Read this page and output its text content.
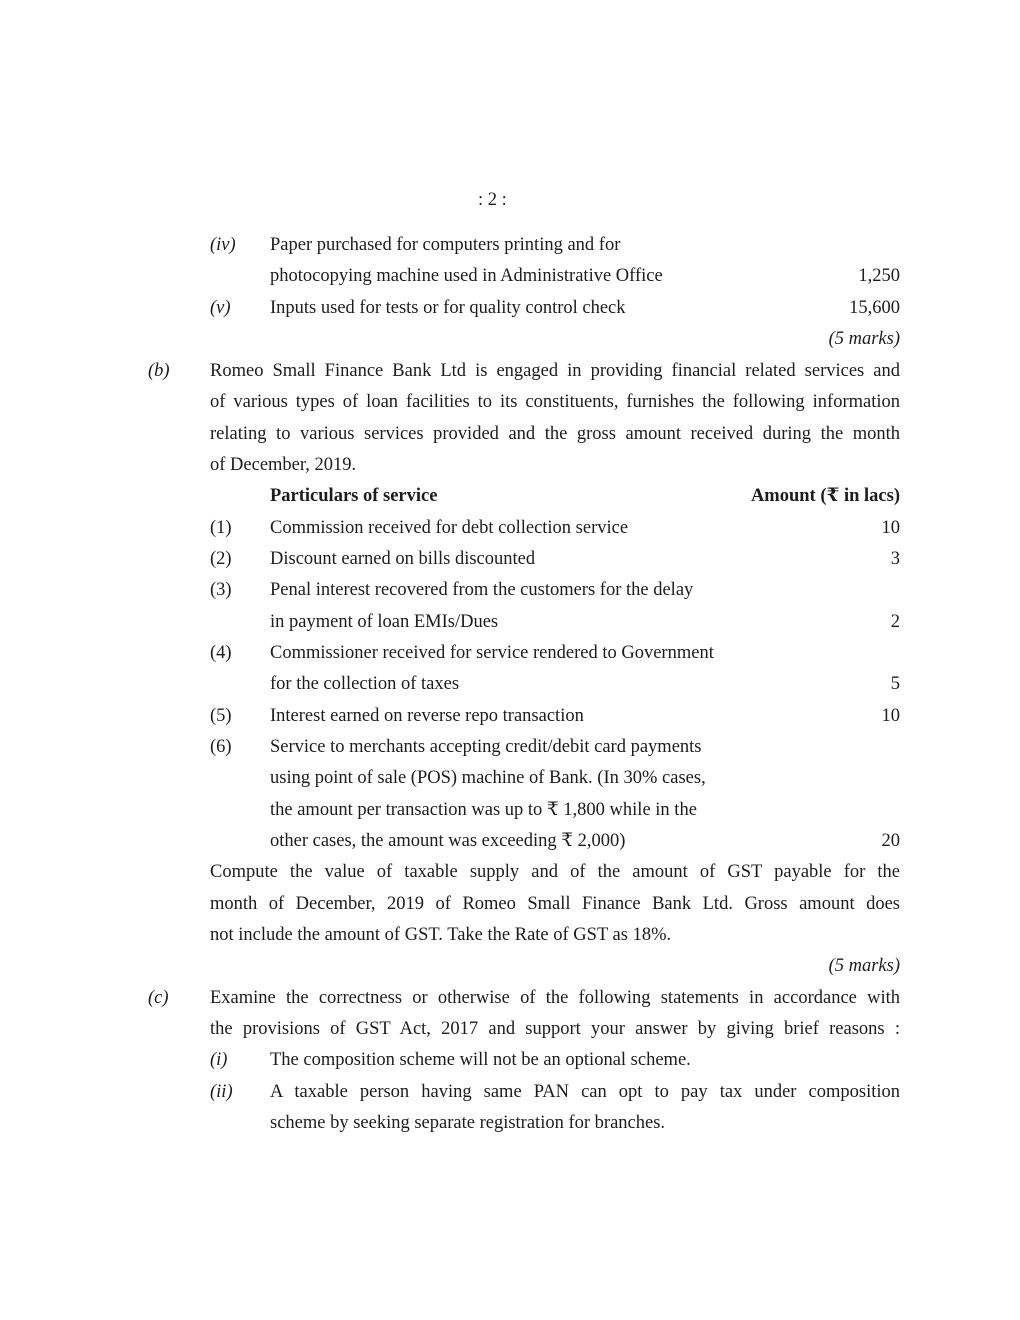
: 2 :
(iv) Paper purchased for computers printing and for
photocopying machine used in Administrative Office	1,250
(v) Inputs used for tests or for quality control check	15,600
(5 marks)
(b) Romeo Small Finance Bank Ltd is engaged in providing financial related services and
of various types of loan facilities to its constituents, furnishes the following information
relating to various services provided and the gross amount received during the month
of December, 2019.
Particulars of service	Amount (₹ in lacs)
(1) Commission received for debt collection service	10
(2) Discount earned on bills discounted	3
(3) Penal interest recovered from the customers for the delay
in payment of loan EMIs/Dues	2
(4) Commissioner received for service rendered to Government
for the collection of taxes	5
(5) Interest earned on reverse repo transaction	10
(6) Service to merchants accepting credit/debit card payments
using point of sale (POS) machine of Bank. (In 30% cases,
the amount per transaction was up to ₹ 1,800 while in the
other cases, the amount was exceeding ₹ 2,000)	20
Compute the value of taxable supply and of the amount of GST payable for the
month of December, 2019 of Romeo Small Finance Bank Ltd. Gross amount does
not include the amount of GST. Take the Rate of GST as 18%.
(5 marks)
(c) Examine the correctness or otherwise of the following statements in accordance with
the provisions of GST Act, 2017 and support your answer by giving brief reasons :
(i) The composition scheme will not be an optional scheme.
(ii) A taxable person having same PAN can opt to pay tax under composition
scheme by seeking separate registration for branches.
